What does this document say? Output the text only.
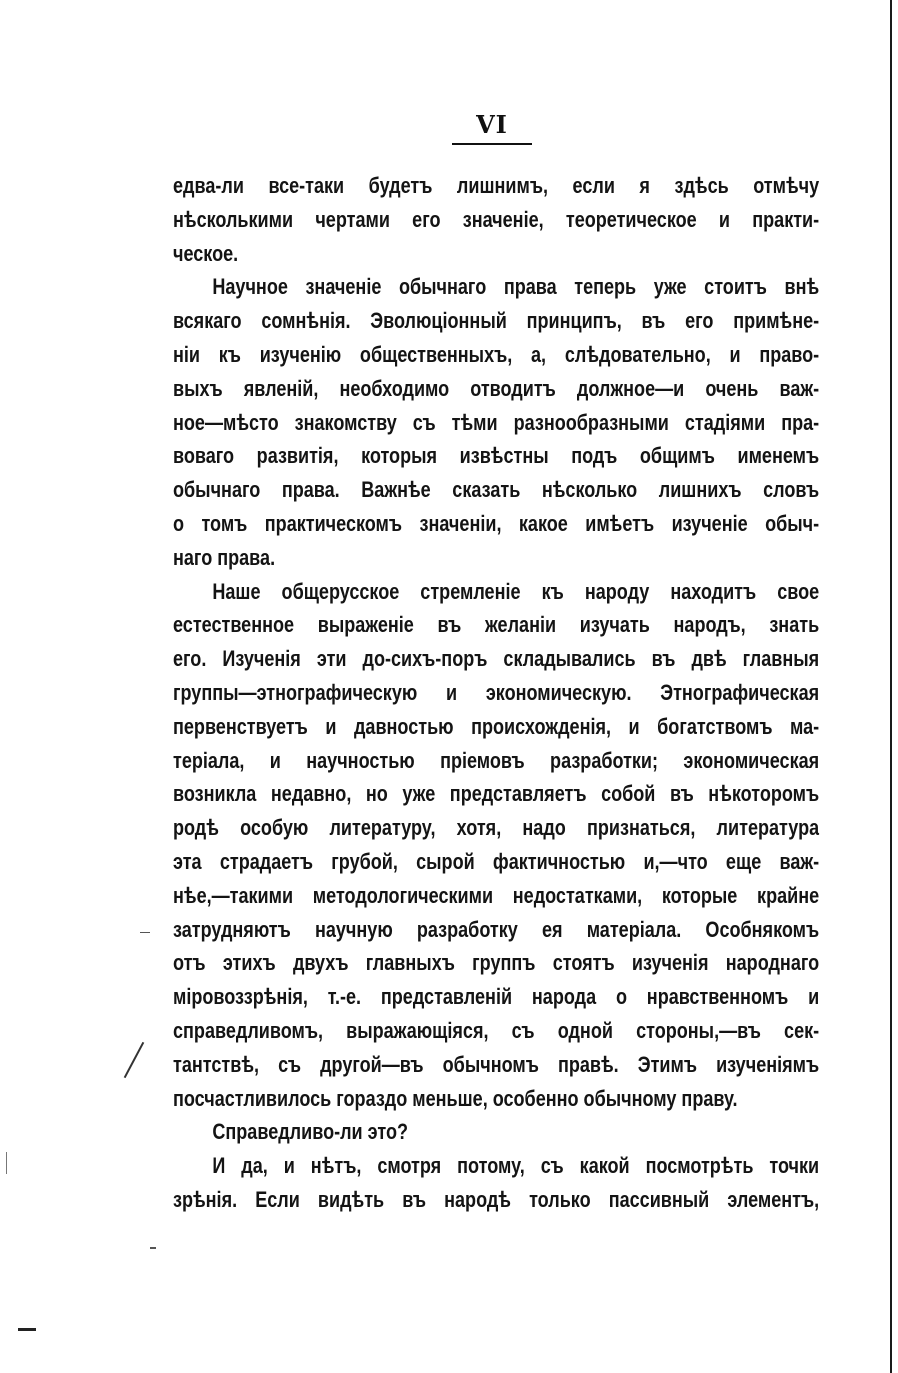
VI
едва-ли все-таки будетъ лишнимъ, если я здѣсь отмѣчу
нѣсколькими чертами его значеніе, теоретическое и практи-
ческое.
Научное значеніе обычнаго права теперь уже стоитъ внѣ
всякаго сомнѣнія. Эволюціонный принципъ, въ его примѣне-
ніи къ изученію общественныхъ, а, слѣдовательно, и право-
выхъ явленій, необходимо отводитъ должное—и очень важ-
ное—мѣсто знакомству съ тѣми разнообразными стадіями пра-
воваго развитія, которыя извѣстны подъ общимъ именемъ
обычнаго права. Важнѣе сказать нѣсколько лишнихъ словъ
о томъ практическомъ значеніи, какое имѣетъ изученіе обыч-
наго права.
Наше общерусское стремленіе къ народу находитъ свое
естественное выраженіе въ желаніи изучать народъ, знать
его. Изученія эти до-сихъ-поръ складывались въ двѣ главныя
группы—этнографическую и экономическую. Этнографическая
первенствуетъ и давностью происхожденія, и богатствомъ ма-
теріала, и научностью пріемовъ разработки; экономическая
возникла недавно, но уже представляетъ собой въ нѣкоторомъ
родѣ особую литературу, хотя, надо признаться, литература
эта страдаетъ грубой, сырой фактичностью и,—что еще важ-
нѣе,—такими методологическими недостатками, которые крайне
затрудняютъ научную разработку ея матеріала. Особнякомъ
отъ этихъ двухъ главныхъ группъ стоятъ изученія народнаго
міровоззрѣнія, т.-е. представленій народа о нравственномъ и
справедливомъ, выражающіяся, съ одной стороны,—въ сек-
тантствѣ, съ другой—въ обычномъ правѣ. Этимъ изученіямъ
посчастливилось гораздо меньше, особенно обычному праву.
Справедливо-ли это?
И да, и нѣтъ, смотря потому, съ какой посмотрѣть точки
зрѣнія. Если видѣть въ народѣ только пассивный элементъ,
